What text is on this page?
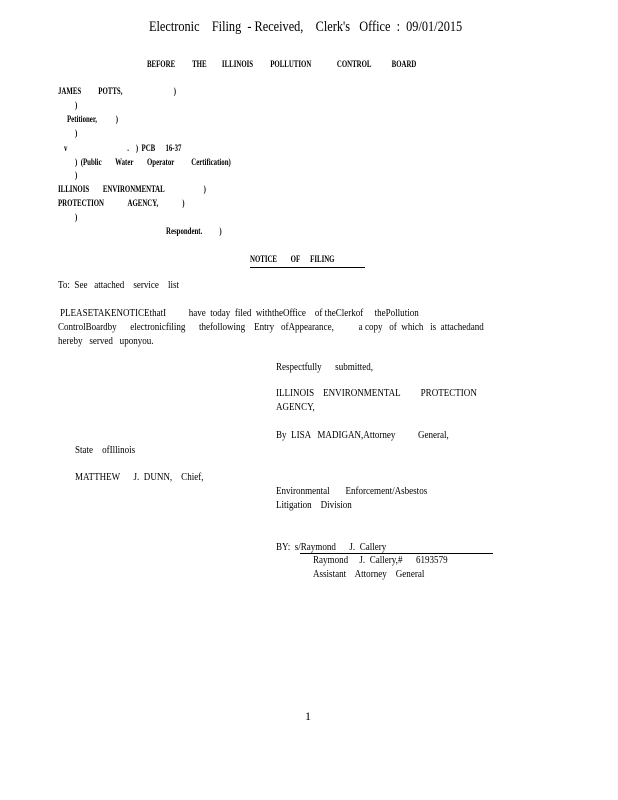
Electronic    Filing  - Received,    Clerk's   Office  :  09/01/2015
BEFORE          THE         ILLINOIS          POLLUTION               CONTROL            BOARD
JAMES          POTTS,                              )
)
Petitioner,           )
)
v                                   .    )  PCB      16-37
)  (Public        Water        Operator          Certification)
)
ILLINOIS        ENVIRONMENTAL                       )
PROTECTION              AGENCY,              )
)
Respondent.          )
NOTICE        OF      FILING
To:  See   attached    service    list
PLEASETAKENOTICEthatI          have  today  filed  withtheOffice    of theClerkof     thePollution
ControlBoardby      electronicfiling      thefollowing    Entry   ofAppearance,           a copy   of  which   is  attachedand
hereby   served   uponyou.
Respectfully      submitted,
ILLINOIS    ENVIRONMENTAL         PROTECTION
AGENCY,
By  LISA   MADIGAN,Attorney          General,
State    ofIllinois
MATTHEW      J.  DUNN,    Chief,
Environmental       Enforcement/Asbestos
Litigation    Division
BY:  s/Raymond      J.  Callery
Raymond     J.  Callery,#      6193579
Assistant    Attorney    General
1
